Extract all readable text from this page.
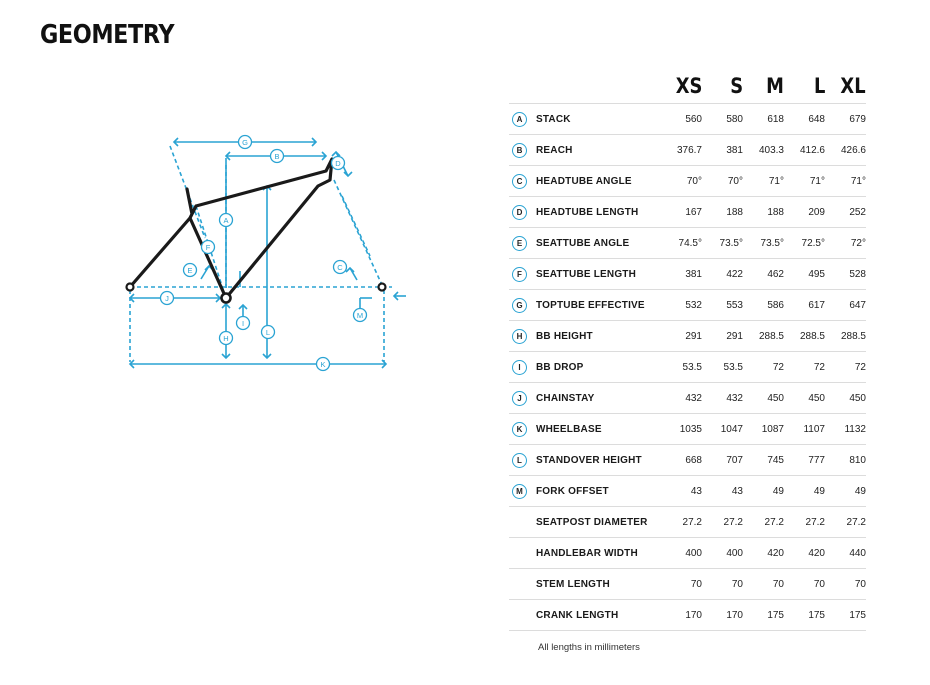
GEOMETRY
G
B
D
A
F
E	C
J
I
M
H
L
K
		XS	S	M	L	XL
A	STACK	560	580	618	648	679
B	REACH	376.7	381	403.3	412.6	426.6
C	HEADTUBE ANGLE	70°	70°	71°	71°	71°
D	HEADTUBE LENGTH	167	188	188	209	252
E	SEATTUBE ANGLE	74.5°	73.5°	73.5°	72.5°	72°
F	SEATTUBE LENGTH	381	422	462	495	528
G	TOPTUBE EFFECTIVE	532	553	586	617	647
H	BB HEIGHT	291	291	288.5	288.5	288.5
I	BB DROP	53.5	53.5	72	72	72
J	CHAINSTAY	432	432	450	450	450
K	WHEELBASE	1035	1047	1087	1107	1132
L	STANDOVER HEIGHT	668	707	745	777	810
M	FORK OFFSET	43	43	49	49	49
	SEATPOST DIAMETER	27.2	27.2	27.2	27.2	27.2
	HANDLEBAR WIDTH	400	400	420	420	440
	STEM LENGTH	70	70	70	70	70
	CRANK LENGTH	170	170	175	175	175
All lengths in millimeters
